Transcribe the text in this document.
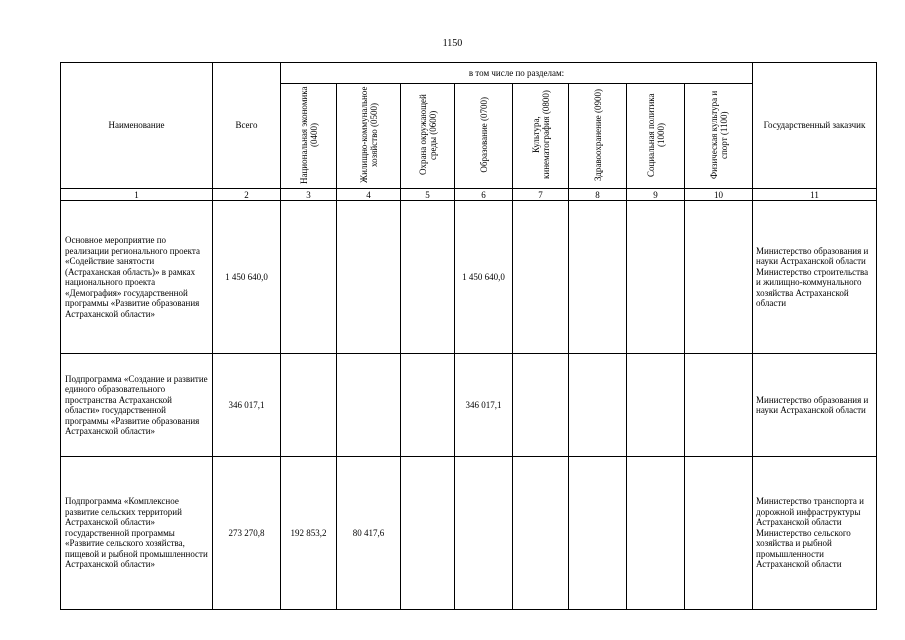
1150
Наименование	Всего	в том числе по разделам:								Государственный заказчик
		Национальная экономика (0400)	Жилищно-коммунальное хозяйство (0500)	Охрана окружающей среды (0600)	Образование (0700)	Культура, кинематография (0800)	Здравоохранение (0900)	Социальная политика (1000)	Физическая культура и спорт (1100)	
1	2	3	4	5	6	7	8	9	10	11
Основное мероприятие по реализации регионального проекта «Содействие занятости (Астраханская область)» в рамках национального проекта «Демография» государственной программы «Развитие образования Астраханской области»	1 450 640,0				1 450 640,0					Министерство образования и науки Астраханской области Министерство строительства и жилищно-коммунального хозяйства Астраханской области
Подпрограмма «Создание и развитие единого образовательного пространства Астраханской области» государственной программы «Развитие образования Астраханской области»	346 017,1				346 017,1					Министерство образования и науки Астраханской области
Подпрограмма «Комплексное развитие сельских территорий Астраханской области» государственной программы «Развитие сельского хозяйства, пищевой и рыбной промышленности Астраханской области»	273 270,8	192 853,2	80 417,6							Министерство транспорта и дорожной инфраструктуры Астраханской области Министерство сельского хозяйства и рыбной промышленности Астраханской области
